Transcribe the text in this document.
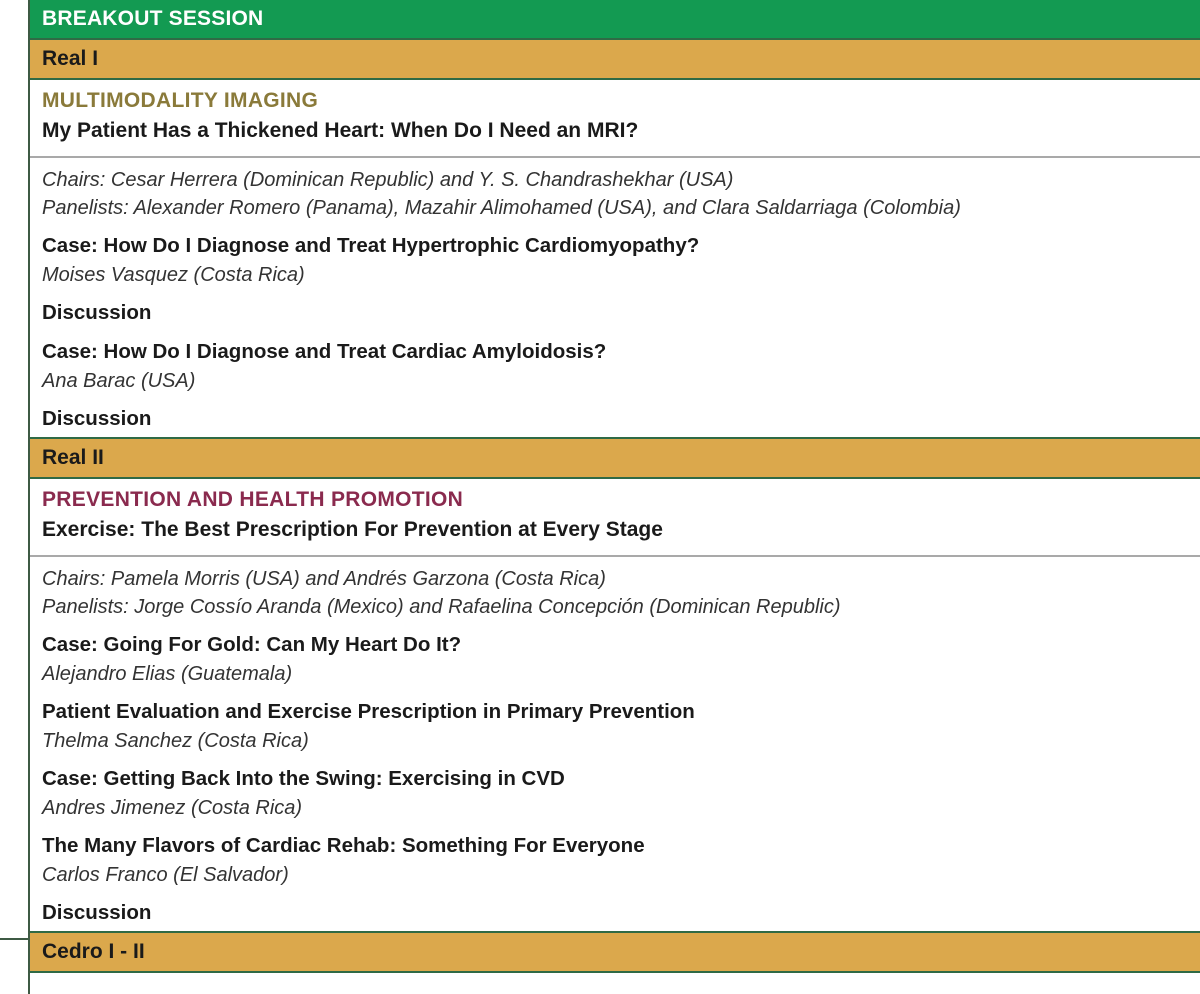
BREAKOUT SESSION
Real I
MULTIMODALITY IMAGING
My Patient Has a Thickened Heart: When Do I Need an MRI?
Chairs: Cesar Herrera (Dominican Republic) and Y. S. Chandrashekhar (USA)
Panelists: Alexander Romero (Panama), Mazahir Alimohamed (USA), and Clara Saldarriaga (Colombia)
Case: How Do I Diagnose and Treat Hypertrophic Cardiomyopathy?
Moises Vasquez (Costa Rica)
Discussion
Case: How Do I Diagnose and Treat Cardiac Amyloidosis?
Ana Barac (USA)
Discussion
Real II
PREVENTION AND HEALTH PROMOTION
Exercise: The Best Prescription For Prevention at Every Stage
Chairs: Pamela Morris (USA) and Andrés Garzona (Costa Rica)
Panelists: Jorge Cossío Aranda (Mexico) and Rafaelina Concepción (Dominican Republic)
Case: Going For Gold: Can My Heart Do It?
Alejandro Elias (Guatemala)
Patient Evaluation and Exercise Prescription in Primary Prevention
Thelma Sanchez (Costa Rica)
Case: Getting Back Into the Swing: Exercising in CVD
Andres Jimenez (Costa Rica)
The Many Flavors of Cardiac Rehab: Something For Everyone
Carlos Franco (El Salvador)
Discussion
Cedro I - II
